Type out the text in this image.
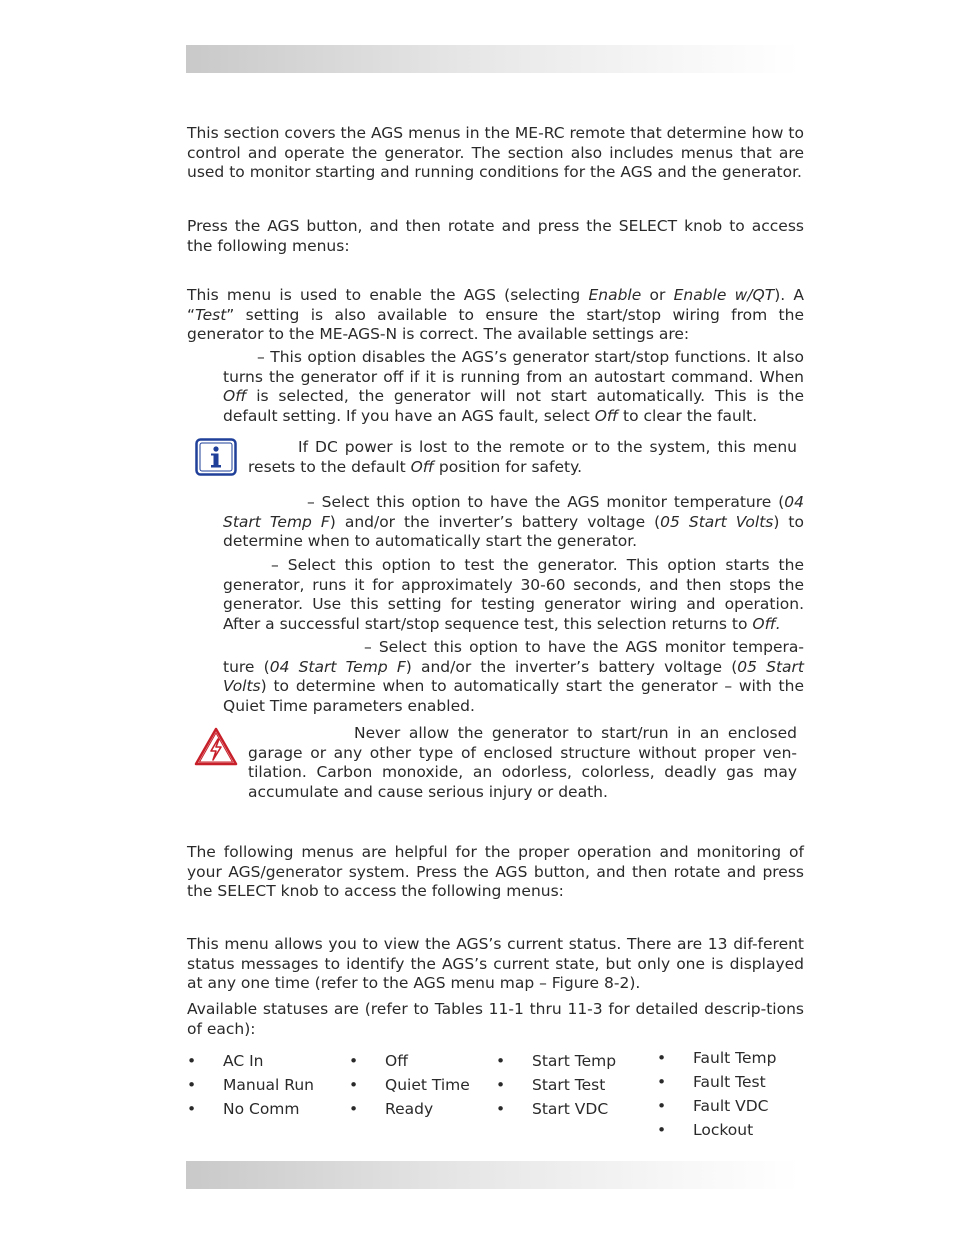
This section covers the AGS menus in the ME-RC remote that determine how to control and operate the generator. The section also includes menus that are used to monitor starting and running conditions for the AGS and the generator.

Press the AGS button, and then rotate and press the SELECT knob to access the following menus:

This menu is used to enable the AGS (selecting Enable or Enable w/QT). A “Test” setting is also available to ensure the start/stop wiring from the generator to the ME-AGS-N is correct. The available settings are:

– This option disables the AGS’s generator start/stop functions. It also turns the generator off if it is running from an autostart command. When Off is selected, the generator will not start automatically. This is the default setting. If you have an AGS fault, select Off to clear the fault.

If DC power is lost to the remote or to the system, this menu resets to the default Off position for safety.

– Select this option to have the AGS monitor temperature (04 Start Temp F) and/or the inverter’s battery voltage (05 Start Volts) to determine when to automatically start the generator.

– Select this option to test the generator. This option starts the generator, runs it for approximately 30-60 seconds, and then stops the generator. Use this setting for testing generator wiring and operation. After a successful start/stop sequence test, this selection returns to Off.

– Select this option to have the AGS monitor tempera-ture (04 Start Temp F) and/or the inverter’s battery voltage (05 Start Volts) to determine when to automatically start the generator – with the Quiet Time parameters enabled.

Never allow the generator to start/run in an enclosed garage or any other type of enclosed structure without proper ven-tilation. Carbon monoxide, an odorless, colorless, deadly gas may accumulate and cause serious injury or death.

The following menus are helpful for the proper operation and monitoring of your AGS/generator system. Press the AGS button, and then rotate and press the SELECT knob to access the following menus:

This menu allows you to view the AGS’s current status. There are 13 dif-ferent status messages to identify the AGS’s current state, but only one is displayed at any one time (refer to the AGS menu map – Figure 8-2).

Available statuses are (refer to Tables 11-1 thru 11-3 for detailed descrip-tions of each):

• AC In
• Manual Run
• No Comm
• Off
• Quiet Time
• Ready
• Start Temp
• Start Test
• Start VDC
• Fault Temp
• Fault Test
• Fault VDC
• Lockout
